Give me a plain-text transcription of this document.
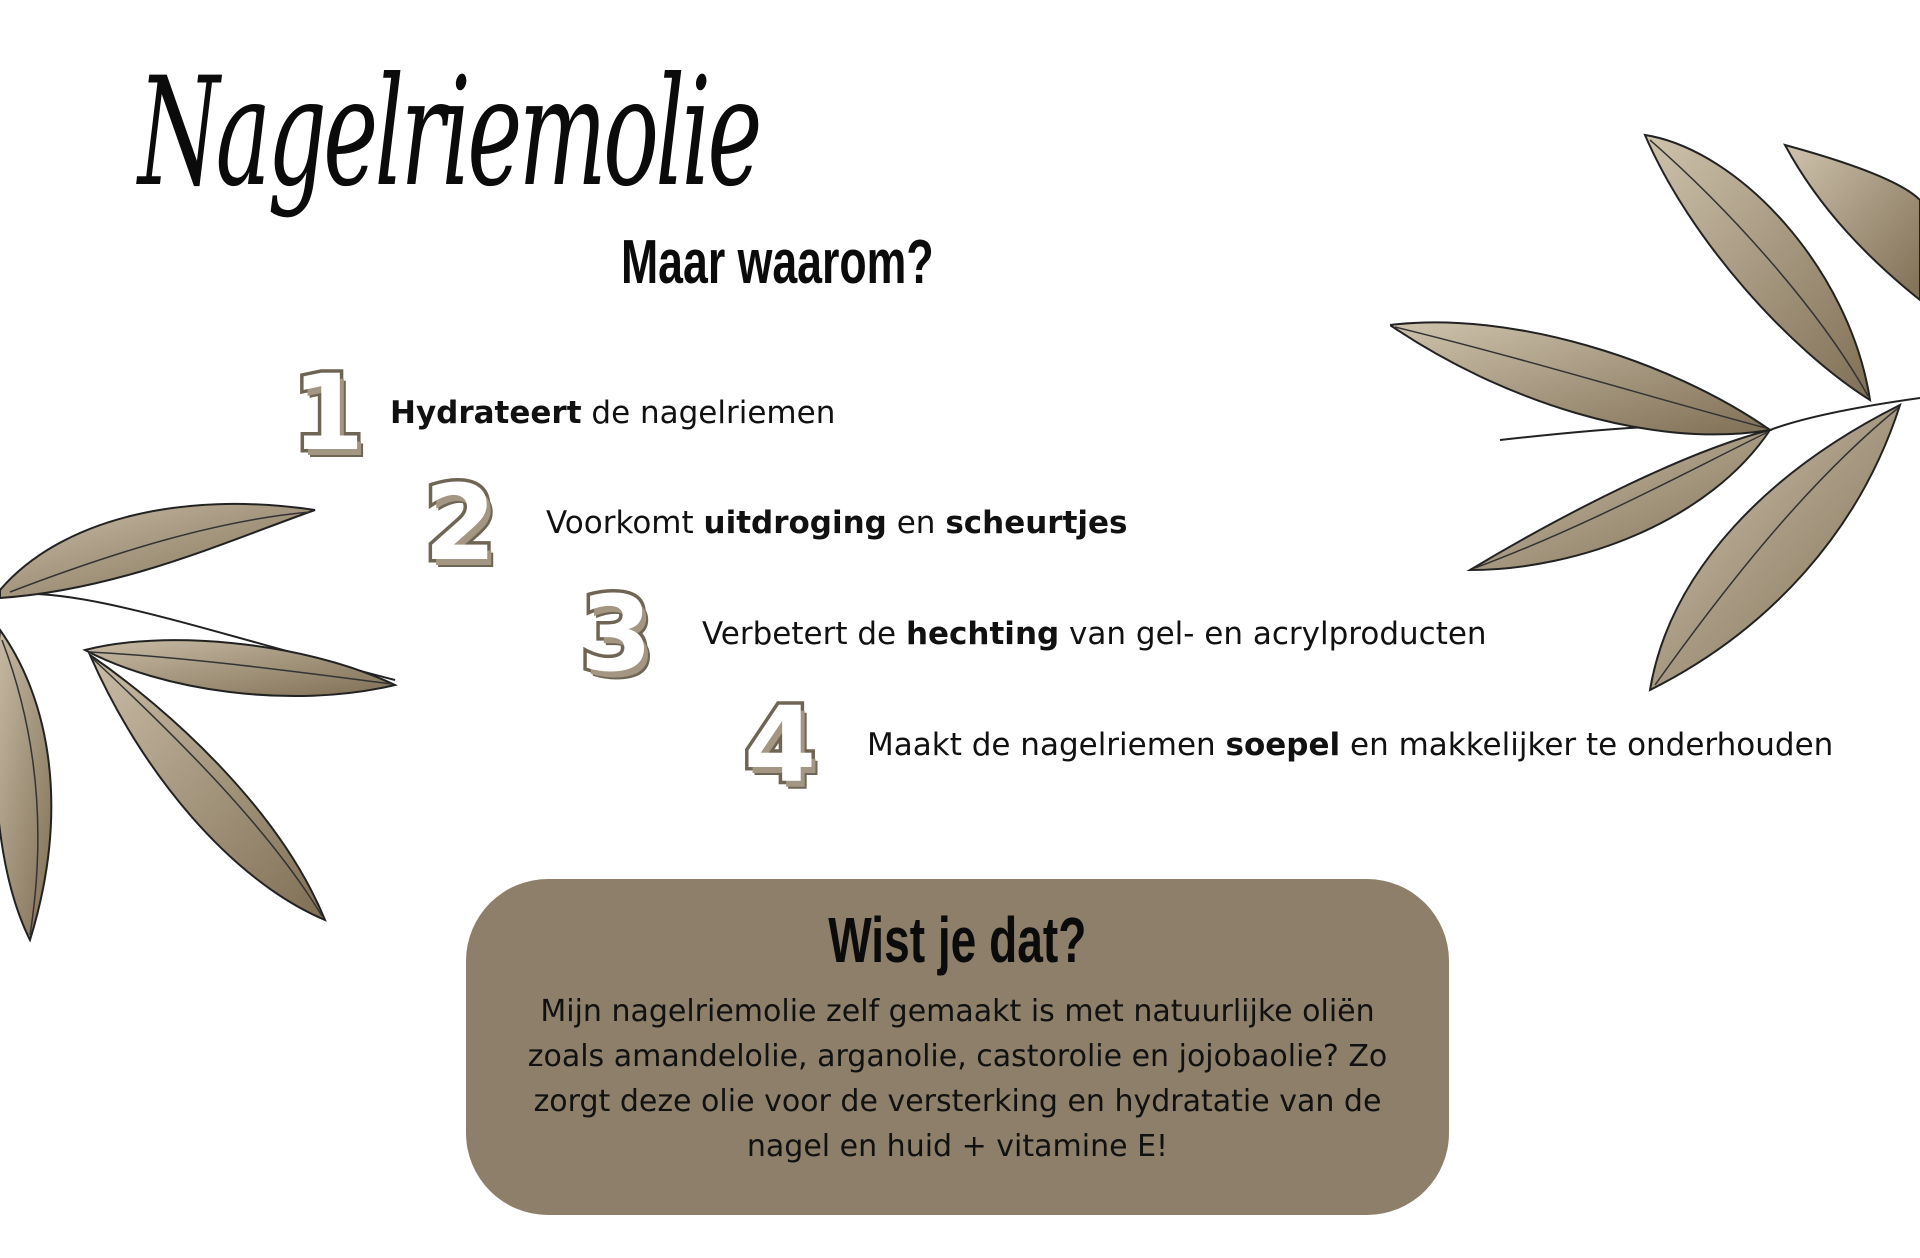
Nagelriemolie
Maar waarom?
1 Hydrateert de nagelriemen
2 Voorkomt uitdroging en scheurtjes
3 Verbetert de hechting van gel- en acrylproducten
4 Maakt de nagelriemen soepel en makkelijker te onderhouden
Wist je dat?
Mijn nagelriemolie zelf gemaakt is met natuurlijke oliën zoals amandelolie, arganolie, castorolie en jojobaolie? Zo zorgt deze olie voor de versterking en hydratatie van de nagel en huid + vitamine E!
